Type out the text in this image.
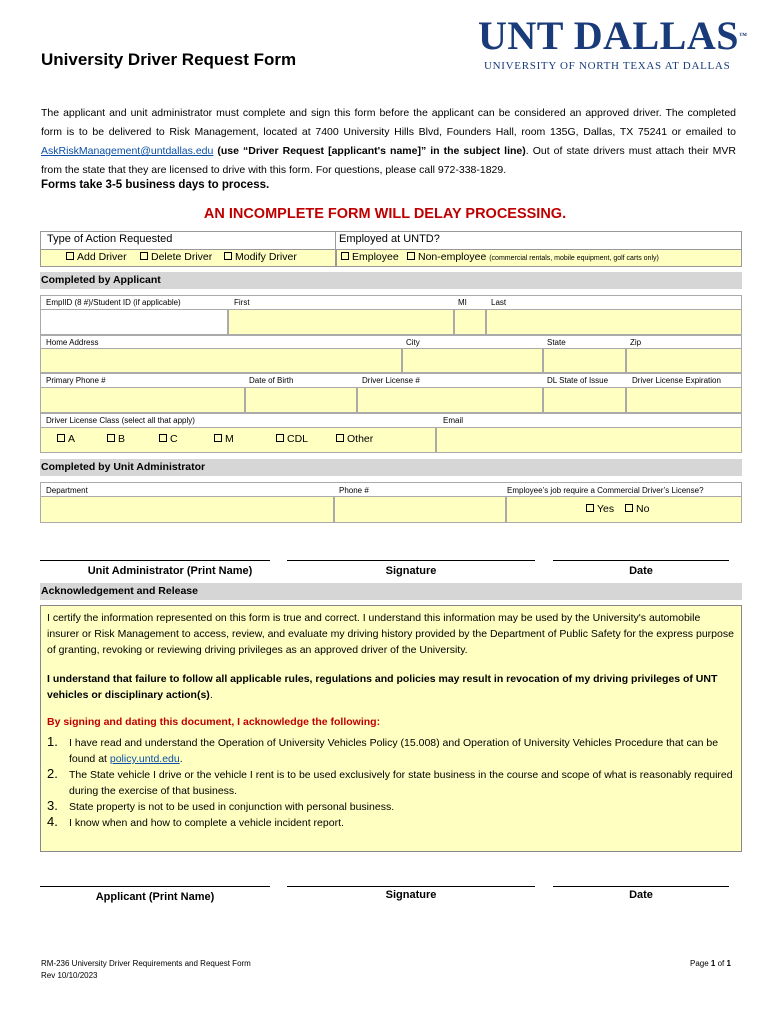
University Driver Request Form
UNT DALLAS™
UNIVERSITY OF NORTH TEXAS AT DALLAS
The applicant and unit administrator must complete and sign this form before the applicant can be considered an approved driver. The completed form is to be delivered to Risk Management, located at 7400 University Hills Blvd, Founders Hall, room 135G, Dallas, TX 75241 or emailed to AskRiskManagement@untdallas.edu (use “Driver Request [applicant's name]” in the subject line). Out of state drivers must attach their MVR from the state that they are licensed to drive with this form. For questions, please call 972-338-1829.
Forms take 3-5 business days to process.
AN INCOMPLETE FORM WILL DELAY PROCESSING.
Type of Action Requested	Employed at UNTD?
Add Driver	Delete Driver	Modify Driver	Employee	Non-employee (commercial rentals, mobile equipment, golf carts only)
Completed by Applicant
EmplID (8 #)/Student ID (if applicable)	First	MI	Last
Home Address	City	State	Zip
Primary Phone #	Date of Birth	Driver License #	DL State of Issue	Driver License Expiration
Driver License Class (select all that apply)	Email
A	B	C	M	CDL	Other
Completed by Unit Administrator
Department	Phone #	Employee’s job require a Commercial Driver’s License?
Yes	No
Unit Administrator (Print Name)	Signature	Date
Acknowledgement and Release

I certify the information represented on this form is true and correct. I understand this information may be used by the University's automobile insurer or Risk Management to access, review, and evaluate my driving history provided by the Department of Public Safety for the express purpose of granting, revoking or reviewing driving privileges as an approved driver of the University.

I understand that failure to follow all applicable rules, regulations and policies may result in revocation of my driving privileges of UNT vehicles or disciplinary action(s).

By signing and dating this document, I acknowledge the following:

1. I have read and understand the Operation of University Vehicles Policy (15.008) and Operation of University Vehicles Procedure that can be found at policy.untd.edu.
2. The State vehicle I drive or the vehicle I rent is to be used exclusively for state business in the course and scope of what is reasonably required during the exercise of that business.
3. State property is not to be used in conjunction with personal business.
4. I know when and how to complete a vehicle incident report.
Applicant (Print Name)	Signature	Date
RM-236 University Driver Requirements and Request Form
Rev 10/10/2023
Page 1 of 1
